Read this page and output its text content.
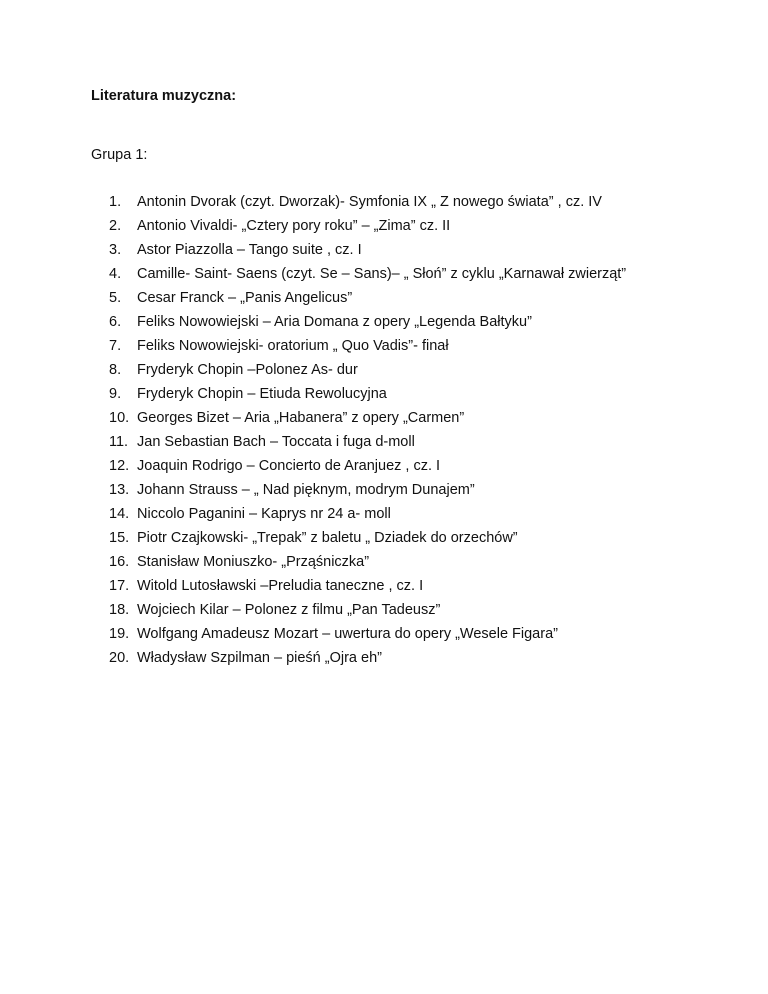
Literatura muzyczna:
Grupa 1:
1. Antonin Dvorak (czyt. Dworzak)- Symfonia IX „ Z nowego świata” , cz. IV
2. Antonio Vivaldi- „Cztery pory roku” – „Zima” cz. II
3. Astor Piazzolla – Tango suite , cz. I
4. Camille- Saint- Saens (czyt. Se – Sans)– „ Słoń” z cyklu „Karnawał zwierząt”
5. Cesar Franck – „Panis Angelicus”
6. Feliks Nowowiejski – Aria Domana z opery „Legenda Bałtyku”
7. Feliks Nowowiejski- oratorium „ Quo Vadis”- finał
8. Fryderyk Chopin –Polonez As- dur
9. Fryderyk Chopin – Etiuda Rewolucyjna
10. Georges Bizet – Aria „Habanera” z opery „Carmen”
11. Jan Sebastian Bach – Toccata i fuga d-moll
12. Joaquin Rodrigo – Concierto de Aranjuez , cz. I
13. Johann Strauss – „ Nad pięknym, modrym Dunajem”
14. Niccolo Paganini – Kaprys nr 24 a- moll
15. Piotr Czajkowski- „Trepak” z baletu „ Dziadek do orzechów”
16. Stanisław Moniuszko- „Prząśniczka”
17. Witold Lutosławski –Preludia taneczne , cz. I
18. Wojciech Kilar – Polonez z filmu „Pan Tadeusz”
19. Wolfgang Amadeusz Mozart – uwertura do opery „Wesele Figara”
20. Władysław Szpilman – pieśń „Ojra eh”
